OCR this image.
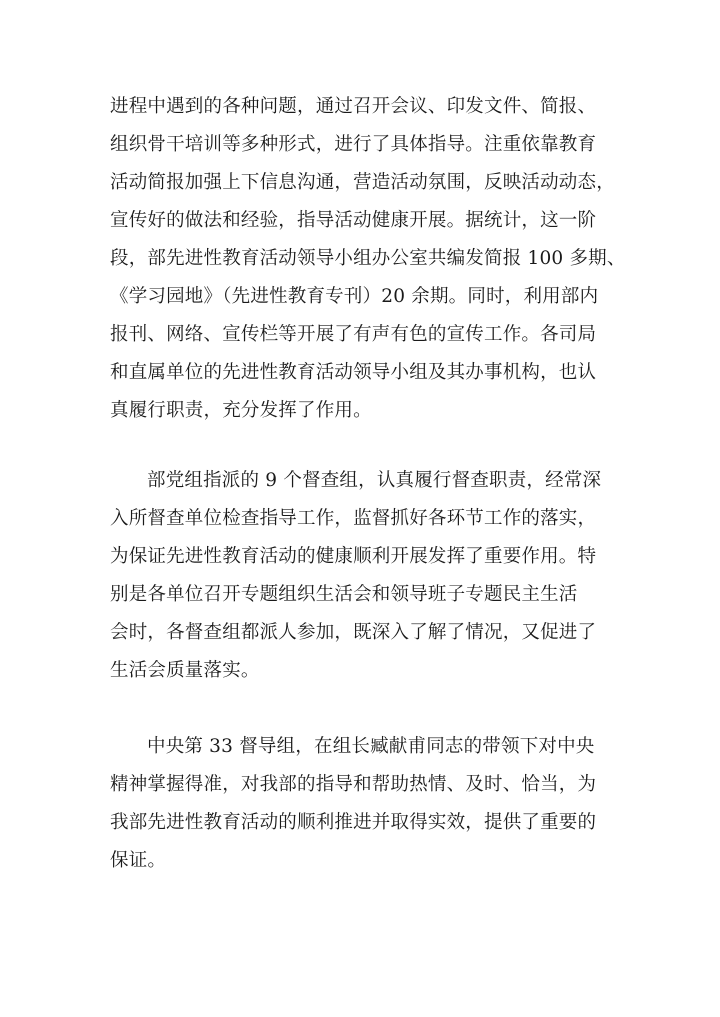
进程中遇到的各种问题，通过召开会议、印发文件、简报、
组织骨干培训等多种形式，进行了具体指导。注重依靠教育
活动简报加强上下信息沟通，营造活动氛围，反映活动动态，
宣传好的做法和经验，指导活动健康开展。据统计，这一阶
段，部先进性教育活动领导小组办公室共编发简报 100 多期、
《学习园地》（先进性教育专刊）20 余期。同时，利用部内
报刊、网络、宣传栏等开展了有声有色的宣传工作。各司局
和直属单位的先进性教育活动领导小组及其办事机构，也认
真履行职责，充分发挥了作用。
部党组指派的 9 个督查组，认真履行督查职责，经常深
入所督查单位检查指导工作，监督抓好各环节工作的落实，
为保证先进性教育活动的健康顺利开展发挥了重要作用。特
别是各单位召开专题组织生活会和领导班子专题民主生活
会时，各督查组都派人参加，既深入了解了情况，又促进了
生活会质量落实。
中央第 33 督导组，在组长臧献甫同志的带领下对中央
精神掌握得准，对我部的指导和帮助热情、及时、恰当，为
我部先进性教育活动的顺利推进并取得实效，提供了重要的
保证。
